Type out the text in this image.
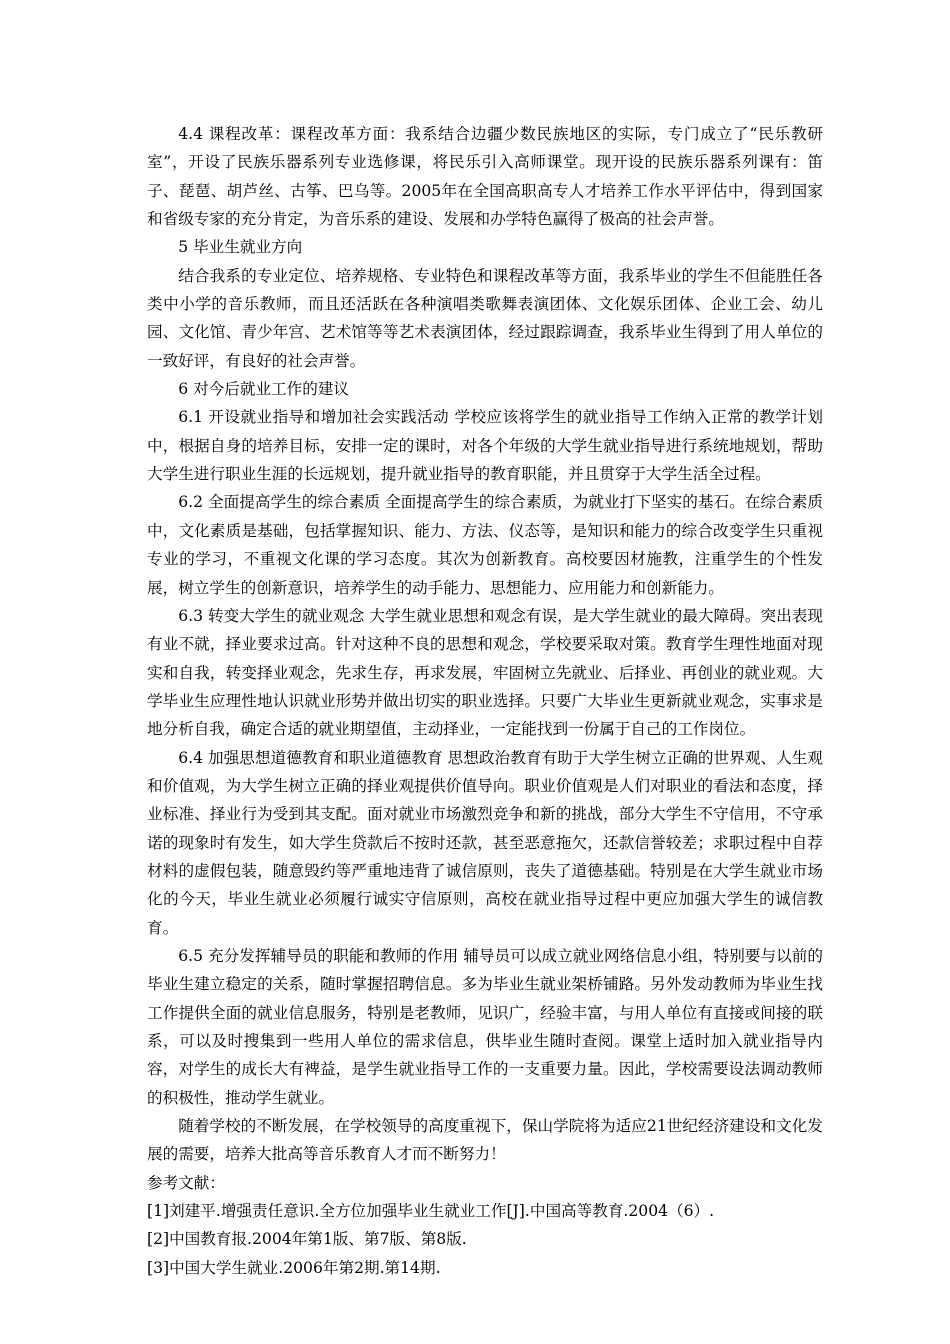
4.4 课程改革：课程改革方面：我系结合边疆少数民族地区的实际，专门成立了“民乐教研室”，开设了民族乐器系列专业选修课，将民乐引入高师课堂。现开设的民族乐器系列课有：笛子、琵琶、胡芦丝、古筝、巴乌等。2005年在全国高职高专人才培养工作水平评估中，得到国家和省级专家的充分肯定，为音乐系的建设、发展和办学特色赢得了极高的社会声誉。

5 毕业生就业方向

结合我系的专业定位、培养规格、专业特色和课程改革等方面，我系毕业的学生不但能胜任各类中小学的音乐教师，而且还活跃在各种演唱类歌舞表演团体、文化娱乐团体、企业工会、幼儿园、文化馆、青少年宫、艺术馆等等艺术表演团体，经过跟踪调查，我系毕业生得到了用人单位的一致好评，有良好的社会声誉。

6 对今后就业工作的建议

6.1 开设就业指导和增加社会实践活动 学校应该将学生的就业指导工作纳入正常的教学计划中，根据自身的培养目标，安排一定的课时，对各个年级的大学生就业指导进行系统地规划，帮助大学生进行职业生涯的长远规划，提升就业指导的教育职能，并且贯穿于大学生活全过程。

6.2 全面提高学生的综合素质 全面提高学生的综合素质，为就业打下坚实的基石。在综合素质中，文化素质是基础，包括掌握知识、能力、方法、仪态等，是知识和能力的综合改变学生只重视专业的学习，不重视文化课的学习态度。其次为创新教育。高校要因材施教，注重学生的个性发展，树立学生的创新意识，培养学生的动手能力、思想能力、应用能力和创新能力。

6.3 转变大学生的就业观念 大学生就业思想和观念有误，是大学生就业的最大障碍。突出表现有业不就，择业要求过高。针对这种不良的思想和观念，学校要采取对策。教育学生理性地面对现实和自我，转变择业观念，先求生存，再求发展，牢固树立先就业、后择业、再创业的就业观。大学毕业生应理性地认识就业形势并做出切实的职业选择。只要广大毕业生更新就业观念，实事求是地分析自我，确定合适的就业期望值，主动择业，一定能找到一份属于自己的工作岗位。

6.4 加强思想道德教育和职业道德教育 思想政治教育有助于大学生树立正确的世界观、人生观和价值观，为大学生树立正确的择业观提供价值导向。职业价值观是人们对职业的看法和态度，择业标准、择业行为受到其支配。面对就业市场激烈竞争和新的挑战，部分大学生不守信用，不守承诺的现象时有发生，如大学生贷款后不按时还款，甚至恶意拖欠，还款信誉较差；求职过程中自荐材料的虚假包装，随意毁约等严重地违背了诚信原则，丧失了道德基础。特别是在大学生就业市场化的今天，毕业生就业必须履行诚实守信原则，高校在就业指导过程中更应加强大学生的诚信教育。

6.5 充分发挥辅导员的职能和教师的作用 辅导员可以成立就业网络信息小组，特别要与以前的毕业生建立稳定的关系，随时掌握招聘信息。多为毕业生就业架桥铺路。另外发动教师为毕业生找工作提供全面的就业信息服务，特别是老教师，见识广，经验丰富，与用人单位有直接或间接的联系，可以及时搜集到一些用人单位的需求信息，供毕业生随时查阅。课堂上适时加入就业指导内容，对学生的成长大有裨益，是学生就业指导工作的一支重要力量。因此，学校需要设法调动教师的积极性，推动学生就业。

随着学校的不断发展，在学校领导的高度重视下，保山学院将为适应21世纪经济建设和文化发展的需要，培养大批高等音乐教育人才而不断努力！

参考文献：

[1]刘建平.增强责任意识.全方位加强毕业生就业工作[J].中国高等教育.2004（6）.

[2]中国教育报.2004年第1版、第7版、第8版.

[3]中国大学生就业.2006年第2期.第14期.
